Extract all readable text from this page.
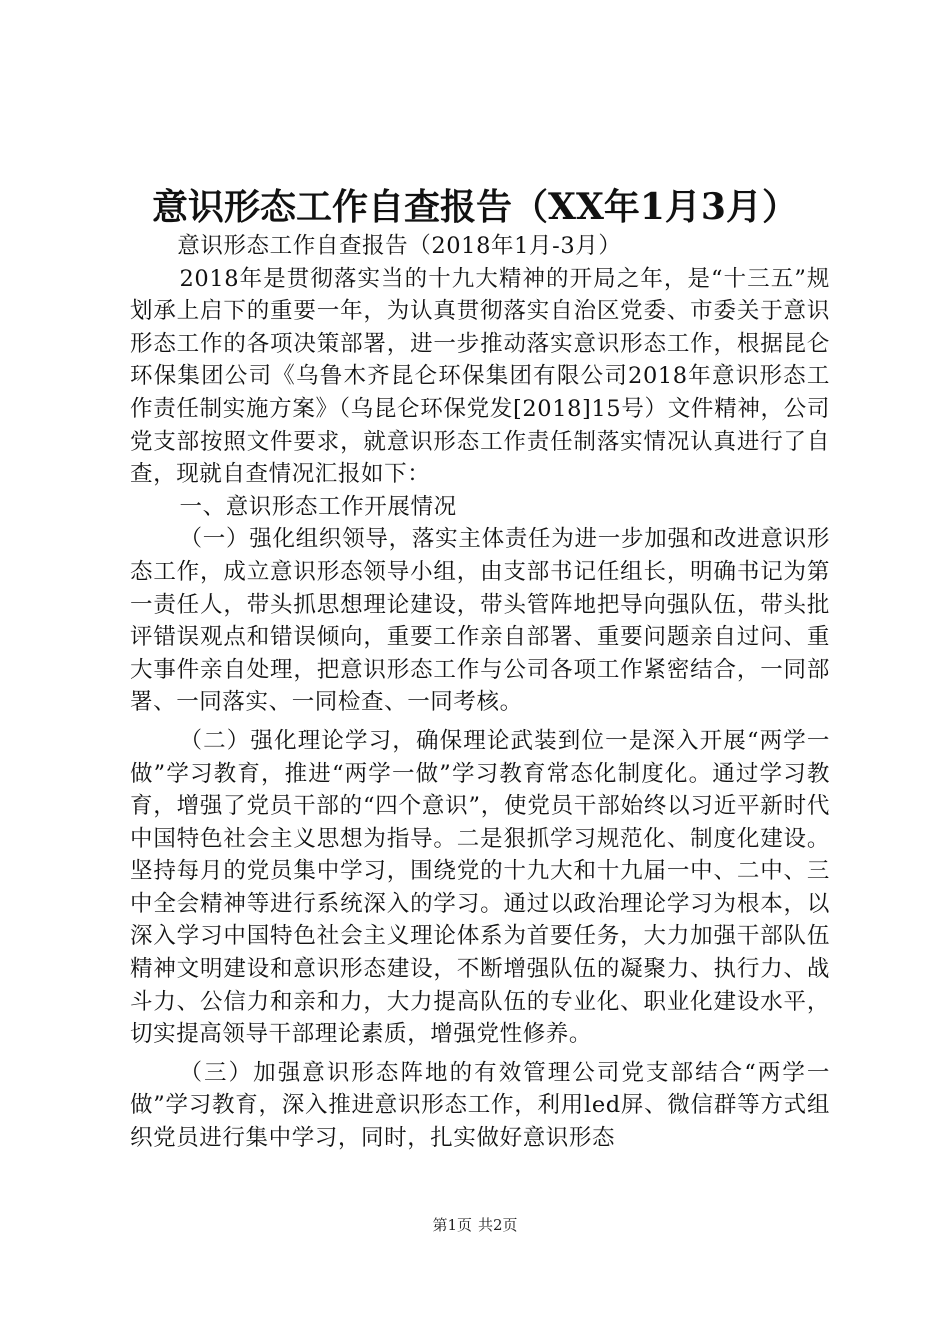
意识形态工作自查报告（XX年1月3月）

意识形态工作自查报告（2018年1月-3月）

2018年是贯彻落实当的十九大精神的开局之年，是“十三五”规划承上启下的重要一年，为认真贯彻落实自治区党委、市委关于意识形态工作的各项决策部署，进一步推动落实意识形态工作，根据昆仑环保集团公司《乌鲁木齐昆仑环保集团有限公司2018年意识形态工作责任制实施方案》（乌昆仑环保党发[2018]15号）文件精神，公司党支部按照文件要求，就意识形态工作责任制落实情况认真进行了自查，现就自查情况汇报如下：

一、意识形态工作开展情况

（一）强化组织领导，落实主体责任为进一步加强和改进意识形态工作，成立意识形态领导小组，由支部书记任组长，明确书记为第一责任人，带头抓思想理论建设，带头管阵地把导向强队伍，带头批评错误观点和错误倾向，重要工作亲自部署、重要问题亲自过问、重大事件亲自处理，把意识形态工作与公司各项工作紧密结合，一同部署、一同落实、一同检查、一同考核。

（二）强化理论学习，确保理论武装到位一是深入开展“两学一做”学习教育，推进“两学一做”学习教育常态化制度化。通过学习教育，增强了党员干部的“四个意识”，使党员干部始终以习近平新时代中国特色社会主义思想为指导。二是狠抓学习规范化、制度化建设。坚持每月的党员集中学习，围绕党的十九大和十九届一中、二中、三中全会精神等进行系统深入的学习。通过以政治理论学习为根本，以深入学习中国特色社会主义理论体系为首要任务，大力加强干部队伍精神文明建设和意识形态建设，不断增强队伍的凝聚力、执行力、战斗力、公信力和亲和力，大力提高队伍的专业化、职业化建设水平，切实提高领导干部理论素质，增强党性修养。

（三）加强意识形态阵地的有效管理公司党支部结合“两学一做”学习教育，深入推进意识形态工作，利用led屏、微信群等方式组织党员进行集中学习，同时，扎实做好意识形态

第1页 共2页
